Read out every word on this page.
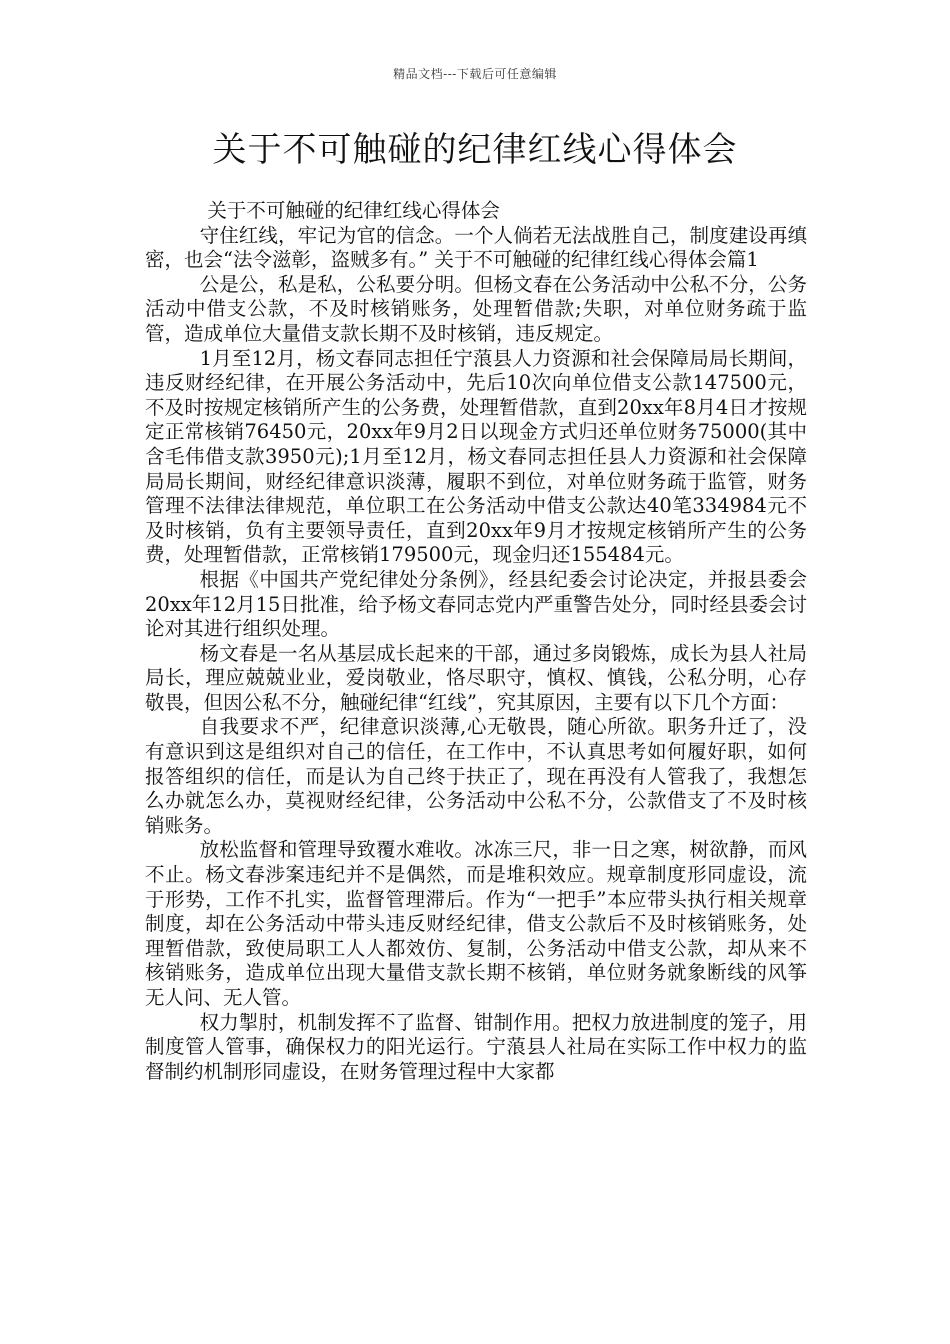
精品文档---下载后可任意编辑
关于不可触碰的纪律红线心得体会

关于不可触碰的纪律红线心得体会

守住红线，牢记为官的信念。一个人倘若无法战胜自己，制度建设再缜密，也会“法令滋彰，盗贼多有。” 关于不可触碰的纪律红线心得体会篇1

公是公，私是私，公私要分明。但杨文春在公务活动中公私不分，公务活动中借支公款，不及时核销账务，处理暂借款;失职，对单位财务疏于监管，造成单位大量借支款长期不及时核销，违反规定。

1月至12月，杨文春同志担任宁蒗县人力资源和社会保障局局长期间，违反财经纪律，在开展公务活动中，先后10次向单位借支公款147500元，不及时按规定核销所产生的公务费，处理暂借款，直到20xx年8月4日才按规定正常核销76450元，20xx年9月2日以现金方式归还单位财务75000(其中含毛伟借支款3950元);1月至12月，杨文春同志担任县人力资源和社会保障局局长期间，财经纪律意识淡薄，履职不到位，对单位财务疏于监管，财务管理不法律法律规范，单位职工在公务活动中借支公款达40笔334984元不及时核销，负有主要领导责任，直到20xx年9月才按规定核销所产生的公务费，处理暂借款，正常核销179500元，现金归还155484元。

根据《中国共产党纪律处分条例》，经县纪委会讨论决定，并报县委会20xx年12月15日批准，给予杨文春同志党内严重警告处分，同时经县委会讨论对其进行组织处理。

杨文春是一名从基层成长起来的干部，通过多岗锻炼，成长为县人社局局长，理应兢兢业业，爱岗敬业，恪尽职守，慎权、慎钱，公私分明，心存敬畏，但因公私不分，触碰纪律“红线”，究其原因，主要有以下几个方面：

自我要求不严，纪律意识淡薄,心无敬畏，随心所欲。职务升迁了，没有意识到这是组织对自己的信任，在工作中，不认真思考如何履好职，如何报答组织的信任，而是认为自己终于扶正了，现在再没有人管我了，我想怎么办就怎么办，莫视财经纪律，公务活动中公私不分，公款借支了不及时核销账务。

放松监督和管理导致覆水难收。冰冻三尺，非一日之寒，树欲静，而风不止。杨文春涉案违纪并不是偶然，而是堆积效应。规章制度形同虚设，流于形势，工作不扎实，监督管理滞后。作为“一把手”本应带头执行相关规章制度，却在公务活动中带头违反财经纪律，借支公款后不及时核销账务，处理暂借款，致使局职工人人都效仿、复制，公务活动中借支公款，却从来不核销账务，造成单位出现大量借支款长期不核销，单位财务就象断线的风筝无人问、无人管。

权力掣肘，机制发挥不了监督、钳制作用。把权力放进制度的笼子，用制度管人管事，确保权力的阳光运行。宁蒗县人社局在实际工作中权力的监督制约机制形同虚设，在财务管理过程中大家都
